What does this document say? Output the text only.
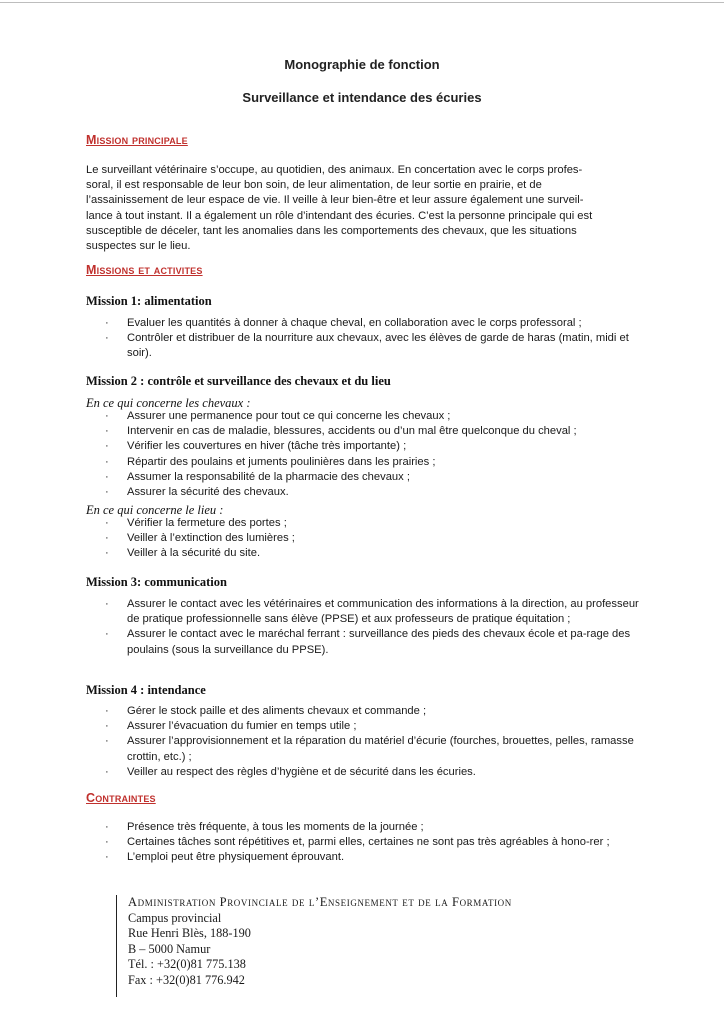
Monographie de fonction
Surveillance et intendance des écuries
Mission principale
Le surveillant vétérinaire s’occupe, au quotidien, des animaux. En concertation avec le corps profes-
soral, il est responsable de leur bon soin, de leur alimentation, de leur sortie en prairie, et de
l’assainissement de leur espace de vie. Il veille à leur bien-être et leur assure également une surveil-
lance à tout instant. Il a également un rôle d’intendant des écuries. C’est la personne principale qui est
susceptible de déceler, tant les anomalies dans les comportements des chevaux, que les situations
suspectes sur le lieu.
Missions et activites
Mission 1: alimentation
· Evaluer les quantités à donner à chaque cheval, en collaboration avec le corps professoral ;
· Contrôler et distribuer de la nourriture aux chevaux, avec les élèves de garde de haras (matin, midi et soir).
Mission 2 : contrôle et surveillance des chevaux et du lieu
En ce qui concerne les chevaux :
· Assurer une permanence pour tout ce qui concerne les chevaux ;
· Intervenir en cas de maladie, blessures, accidents ou d’un mal être quelconque du cheval ;
· Vérifier les couvertures en hiver (tâche très importante) ;
· Répartir des poulains et juments poulinières dans les prairies ;
· Assumer la responsabilité de la pharmacie des chevaux ;
· Assurer la sécurité des chevaux.
En ce qui concerne le lieu :
· Vérifier la fermeture des portes ;
· Veiller à l’extinction des lumières ;
· Veiller à la sécurité du site.
Mission 3: communication
· Assurer le contact avec les vétérinaires et communication des informations à la direction, au professeur de pratique professionnelle sans élève (PPSE) et aux professeurs de pratique équitation ;
· Assurer le contact avec le maréchal ferrant : surveillance des pieds des chevaux école et pa-rage des poulains (sous la surveillance du PPSE).
Mission 4 : intendance
· Gérer le stock paille et des aliments chevaux et commande ;
· Assurer l’évacuation du fumier en temps utile ;
· Assurer l’approvisionnement et la réparation du matériel d’écurie (fourches, brouettes, pelles, ramasse crottin, etc.) ;
· Veiller au respect des règles d’hygiène et de sécurité dans les écuries.
Contraintes
· Présence très fréquente, à tous les moments de la journée ;
· Certaines tâches sont répétitives et, parmi elles, certaines ne sont pas très agréables à hono-rer ;
· L’emploi peut être physiquement éprouvant.
Administration Provinciale de l’Enseignement et de la Formation
Campus provincial
Rue Henri Blès, 188-190
B – 5000 Namur
Tél. : +32(0)81 775.138
Fax : +32(0)81 776.942
